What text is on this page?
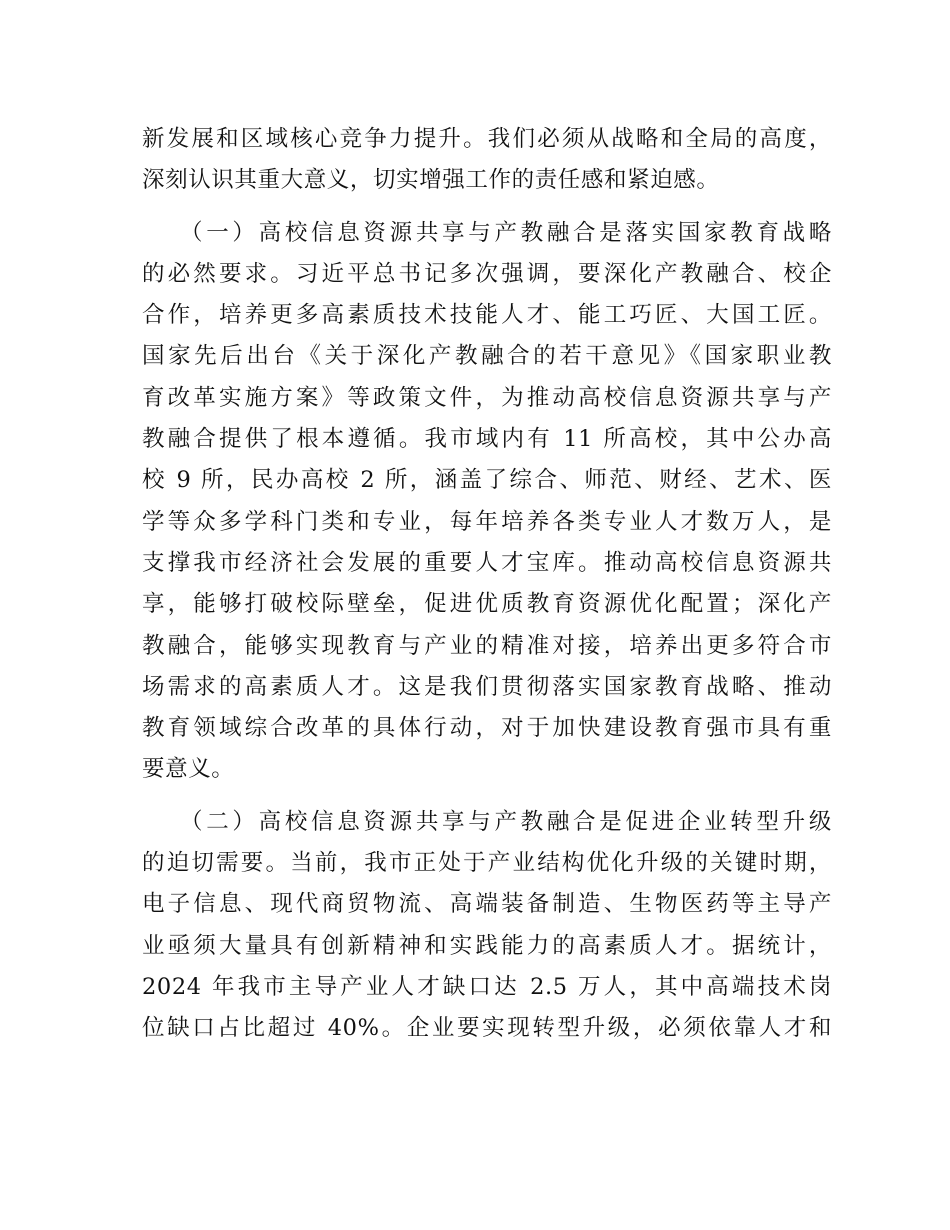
新发展和区域核心竞争力提升。我们必须从战略和全局的高度，
深刻认识其重大意义，切实增强工作的责任感和紧迫感。
（一）高校信息资源共享与产教融合是落实国家教育战略
的必然要求。习近平总书记多次强调，要深化产教融合、校企
合作，培养更多高素质技术技能人才、能工巧匠、大国工匠。
国家先后出台《关于深化产教融合的若干意见》《国家职业教
育改革实施方案》等政策文件，为推动高校信息资源共享与产
教融合提供了根本遵循。我市域内有 11 所高校，其中公办高
校 9 所，民办高校 2 所，涵盖了综合、师范、财经、艺术、医
学等众多学科门类和专业，每年培养各类专业人才数万人，是
支撑我市经济社会发展的重要人才宝库。推动高校信息资源共
享，能够打破校际壁垒，促进优质教育资源优化配置；深化产
教融合，能够实现教育与产业的精准对接，培养出更多符合市
场需求的高素质人才。这是我们贯彻落实国家教育战略、推动
教育领域综合改革的具体行动，对于加快建设教育强市具有重
要意义。
（二）高校信息资源共享与产教融合是促进企业转型升级
的迫切需要。当前，我市正处于产业结构优化升级的关键时期，
电子信息、现代商贸物流、高端装备制造、生物医药等主导产
业亟须大量具有创新精神和实践能力的高素质人才。据统计，
2024 年我市主导产业人才缺口达 2.5 万人，其中高端技术岗
位缺口占比超过 40%。企业要实现转型升级，必须依靠人才和
